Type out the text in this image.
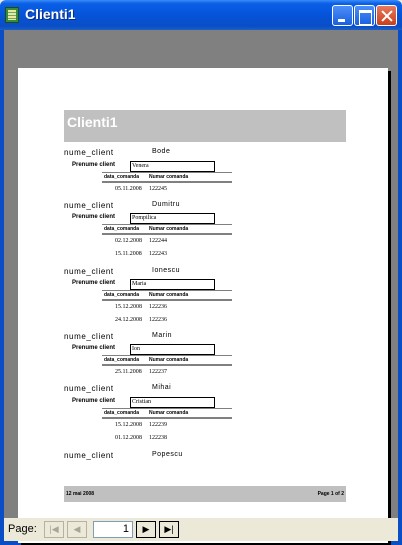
Clienti1
Clienti1
nume_client	Bode
Prenume client	Venera
data_comanda Numar comanda
05.11.2008 122245
nume_client	Dumitru
Prenume client	Pompilica
data_comanda Numar comanda
02.12.2008 122244
15.11.2008 122243
nume_client	Ionescu
Prenume client	Maria
data_comanda Numar comanda
15.12.2008 122236
24.12.2008 122236
nume_client	Marin
Prenume client	Ion
data_comanda Numar comanda
25.11.2008 122237
nume_client	Mihai
Prenume client	Cristian
data_comanda Numar comanda
15.12.2008 122239
01.12.2008 122238
nume_client	Popescu
12 mai 2008	Page 1 of 2
Page: |◀ ◀	1	▶ ▶|
